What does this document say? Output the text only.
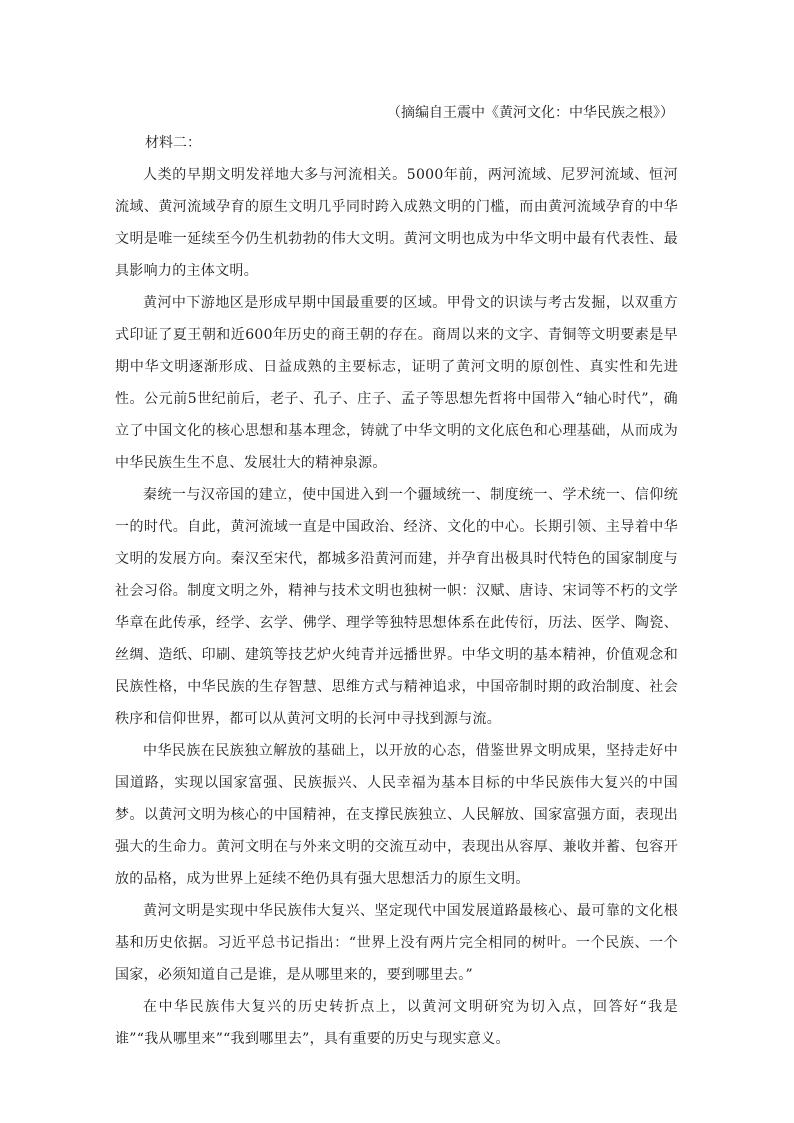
（摘编自王震中《黄河文化：中华民族之根》）
材料二：

人类的早期文明发祥地大多与河流相关。5000年前，两河流域、尼罗河流域、恒河流域、黄河流域孕育的原生文明几乎同时跨入成熟文明的门槛，而由黄河流域孕育的中华文明是唯一延续至今仍生机勃勃的伟大文明。黄河文明也成为中华文明中最有代表性、最具影响力的主体文明。

黄河中下游地区是形成早期中国最重要的区域。甲骨文的识读与考古发掘，以双重方式印证了夏王朝和近600年历史的商王朝的存在。商周以来的文字、青铜等文明要素是早期中华文明逐渐形成、日益成熟的主要标志，证明了黄河文明的原创性、真实性和先进性。公元前5世纪前后，老子、孔子、庄子、孟子等思想先哲将中国带入“轴心时代”，确立了中国文化的核心思想和基本理念，铸就了中华文明的文化底色和心理基础，从而成为中华民族生生不息、发展壮大的精神泉源。

秦统一与汉帝国的建立，使中国进入到一个疆域统一、制度统一、学术统一、信仰统一的时代。自此，黄河流域一直是中国政治、经济、文化的中心。长期引领、主导着中华文明的发展方向。秦汉至宋代，都城多沿黄河而建，并孕育出极具时代特色的国家制度与社会习俗。制度文明之外，精神与技术文明也独树一帜：汉赋、唐诗、宋词等不朽的文学华章在此传承，经学、玄学、佛学、理学等独特思想体系在此传衍，历法、医学、陶瓷、丝绸、造纸、印刷、建筑等技艺炉火纯青并远播世界。中华文明的基本精神，价值观念和民族性格，中华民族的生存智慧、思维方式与精神追求，中国帝制时期的政治制度、社会秩序和信仰世界，都可以从黄河文明的长河中寻找到源与流。

中华民族在民族独立解放的基础上，以开放的心态，借鉴世界文明成果，坚持走好中国道路，实现以国家富强、民族振兴、人民幸福为基本目标的中华民族伟大复兴的中国梦。以黄河文明为核心的中国精神，在支撑民族独立、人民解放、国家富强方面，表现出强大的生命力。黄河文明在与外来文明的交流互动中，表现出从容厚、兼收并蓄、包容开放的品格，成为世界上延续不绝仍具有强大思想活力的原生文明。

黄河文明是实现中华民族伟大复兴、坚定现代中国发展道路最核心、最可靠的文化根基和历史依据。习近平总书记指出：“世界上没有两片完全相同的树叶。一个民族、一个国家，必须知道自己是谁，是从哪里来的，要到哪里去。”

在中华民族伟大复兴的历史转折点上，以黄河文明研究为切入点，回答好“我是谁”“我从哪里来”“我到哪里去”，具有重要的历史与现实意义。
